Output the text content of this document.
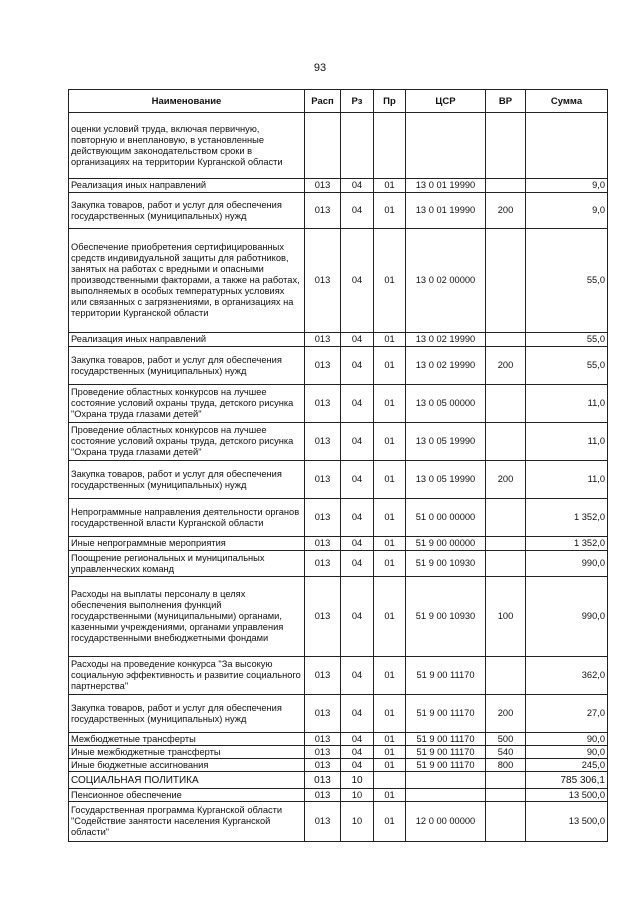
93
Наименование	Расп	Рз	Пр	ЦСР	ВР	Сумма
оценки условий труда, включая первичную, повторную и внеплановую, в установленные действующим законодательством сроки в организациях на территории Курганской области						
Реализация иных направлений	013	04	01	13 0 01 19990		9,0
Закупка товаров, работ и услуг для обеспечения государственных (муниципальных) нужд	013	04	01	13 0 01 19990	200	9,0
Обеспечение приобретения сертифицированных средств индивидуальной защиты для работников, занятых на работах с вредными и опасными производственными факторами, а также на работах, выполняемых в особых температурных условиях или связанных с загрязнениями, в организациях на территории Курганской области	013	04	01	13 0 02 00000		55,0
Реализация иных направлений	013	04	01	13 0 02 19990		55,0
Закупка товаров, работ и услуг для обеспечения государственных (муниципальных) нужд	013	04	01	13 0 02 19990	200	55,0
Проведение областных конкурсов на лучшее состояние условий охраны труда, детского рисунка "Охрана труда глазами детей"	013	04	01	13 0 05 00000		11,0
Проведение областных конкурсов на лучшее состояние условий охраны труда, детского рисунка "Охрана труда глазами детей"	013	04	01	13 0 05 19990		11,0
Закупка товаров, работ и услуг для обеспечения государственных (муниципальных) нужд	013	04	01	13 0 05 19990	200	11,0
Непрограммные направления деятельности органов государственной власти Курганской области	013	04	01	51 0 00 00000		1 352,0
Иные непрограммные мероприятия	013	04	01	51 9 00 00000		1 352,0
Поощрение региональных и муниципальных управленческих команд	013	04	01	51 9 00 10930		990,0
Расходы на выплаты персоналу в целях обеспечения выполнения функций государственными (муниципальными) органами, казенными учреждениями, органами управления государственными внебюджетными фондами	013	04	01	51 9 00 10930	100	990,0
Расходы на проведение конкурса "За высокую социальную эффективность и развитие социального партнерства"	013	04	01	51 9 00 11170		362,0
Закупка товаров, работ и услуг для обеспечения государственных (муниципальных) нужд	013	04	01	51 9 00 11170	200	27,0
Межбюджетные трансферты	013	04	01	51 9 00 11170	500	90,0
Иные межбюджетные трансферты	013	04	01	51 9 00 11170	540	90,0
Иные бюджетные ассигнования	013	04	01	51 9 00 11170	800	245,0
СОЦИАЛЬНАЯ ПОЛИТИКА	013	10				785 306,1
Пенсионное обеспечение	013	10	01			13 500,0
Государственная программа Курганской области "Содействие занятости населения Курганской области"	013	10	01	12 0 00 00000		13 500,0
